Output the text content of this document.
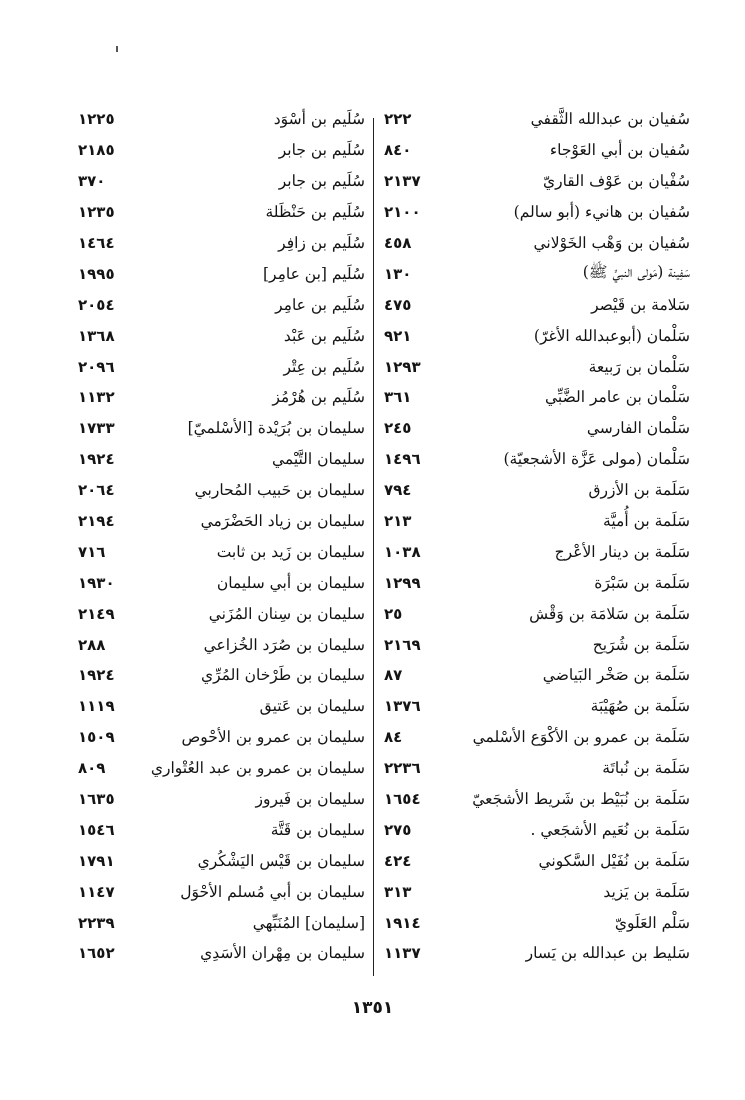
سُفيان بن عبدالله الثَّقفي
٢٢٢
سُفيان بن أبي العَوْجاء
٨٤٠
سُفْيان بن عَوْف القاريّ
٢١٣٧
سُفيان بن هانيء (أبو سالم)
٢١٠٠
سُفيان بن وَهْب الخَوْلاني
٤٥٨
سَفِينة (مَولى النبيِّ ﷺ)
١٣٠
سَلامة بن قَيْصر
٤٧٥
سَلْمان (أبوعبدالله الأغرّ)
٩٢١
سَلْمان بن رَبيعة
١٢٩٣
سَلْمان بن عامر الضَّبِّي
٣٦١
سَلْمان الفارسي
٢٤٥
سَلْمان (مولى عَزَّة الأشجعيّة)
١٤٩٦
سَلَمة بن الأزرق
٧٩٤
سَلَمة بن أُميَّة
٢١٣
سَلَمة بن دينار الأعْرج
١٠٣٨
سَلَمة بن سَبْرَة
١٢٩٩
سَلَمة بن سَلامَة بن وَقْش
٢٥
سَلَمة بن شُرَيح
٢١٦٩
سَلَمة بن صَخْر البَياضي
٨٧
سَلَمة بن صُهَيْبَة
١٣٧٦
سَلَمة بن عمرو بن الأكْوَع الأسْلمي
٨٤
سَلَمة بن نُباتَة
٢٢٣٦
سَلَمة بن نُبَيْط بن شَريط الأشجَعيّ
١٦٥٤
سَلَمة بن نُعَيم الأشجَعي .
٢٧٥
سَلَمة بن نُفَيْل السَّكوني
٤٢٤
سَلَمة بن يَزيد
٣١٣
سَلْم العَلَويّ
١٩١٤
سَليط بن عبدالله بن يَسار
١١٣٧
سُلَيم بن أسْوَد
١٢٢٥
سُلَيم بن جابر
٢١٨٥
سُلَيم بن جابر
٣٧٠
سُلَيم بن حَنْظَلة
١٢٣٥
سُلَيم بن زافِر
١٤٦٤
سُلَيم [بن عامِر]
١٩٩٥
سُلَيم بن عامِر
٢٠٥٤
سُلَيم بن عَبْد
١٣٦٨
سُلَيم بن عِتْر
٢٠٩٦
سُلَيم بن هُرْمُز
١١٣٢
سليمان بن بُرَيْدة [الأسْلميّ]
١٧٣٣
سليمان التَّيْمي
١٩٢٤
سليمان بن حَبيب المُحاربي
٢٠٦٤
سليمان بن زياد الحَضْرَمي
٢١٩٤
سليمان بن زَيد بن ثابت
٧١٦
سليمان بن أبي سليمان
١٩٣٠
سليمان بن سِنان المُزَني
٢١٤٩
سليمان بن صُرَد الخُزاعي
٢٨٨
سليمان بن طَرْخان المُرِّي
١٩٢٤
سليمان بن عَتيق
١١١٩
سليمان بن عمرو بن الأحْوص
١٥٠٩
سليمان بن عمرو بن عبد العُتْواري
٨٠٩
سليمان بن فَيروز
١٦٣٥
سليمان بن قَتَّة
١٥٤٦
سليمان بن قَيْس اليَشْكُري
١٧٩١
سليمان بن أبي مُسلم الأحْوَل
١١٤٧
[سليمان] المُنَبِّهي
٢٢٣٩
سليمان بن مِهْران الأسَدِي
١٦٥٢
١٣٥١
